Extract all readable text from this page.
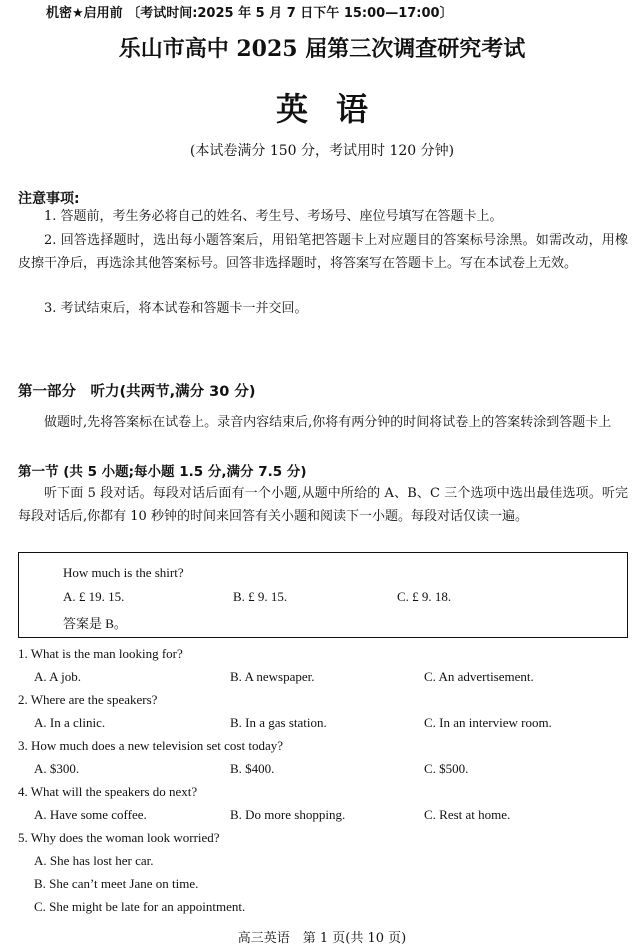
机密★启用前 〔考试时间:2025 年 5 月 7 日下午 15:00—17:00〕
乐山市高中 2025 届第三次调查研究考试
英语
(本试卷满分 150 分，考试用时 120 分钟)
注意事项:
1. 答题前，考生务必将自己的姓名、考生号、考场号、座位号填写在答题卡上。
2. 回答选择题时，选出每小题答案后，用铅笔把答题卡上对应题目的答案标号涂黑。如需改动，用橡皮擦干净后，再选涂其他答案标号。回答非选择题时，将答案写在答题卡上。写在本试卷上无效。
3. 考试结束后，将本试卷和答题卡一并交回。
第一部分　听力(共两节,满分 30 分)
做题时,先将答案标在试卷上。录音内容结束后,你将有两分钟的时间将试卷上的答案转涂到答题卡上
第一节 (共 5 小题;每小题 1.5 分,满分 7.5 分)
听下面 5 段对话。每段对话后面有一个小题,从题中所给的 A、B、C 三个选项中选出最佳选项。听完每段对话后,你都有 10 秒钟的时间来回答有关小题和阅读下一小题。每段对话仅读一遍。
How much is the shirt?
A. £ 19. 15.	B. £ 9. 15.	C. £ 9. 18.
答案是 B。
1. What is the man looking for?
A. A job.	B. A newspaper.	C. An advertisement.
2. Where are the speakers?
A. In a clinic.	B. In a gas station.	C. In an interview room.
3. How much does a new television set cost today?
A. $300.	B. $400.	C. $500.
4. What will the speakers do next?
A. Have some coffee.	B. Do more shopping.	C. Rest at home.
5. Why does the woman look worried?
A. She has lost her car.
B. She can’t meet Jane on time.
C. She might be late for an appointment.
高三英语　第 1 页(共 10 页)
